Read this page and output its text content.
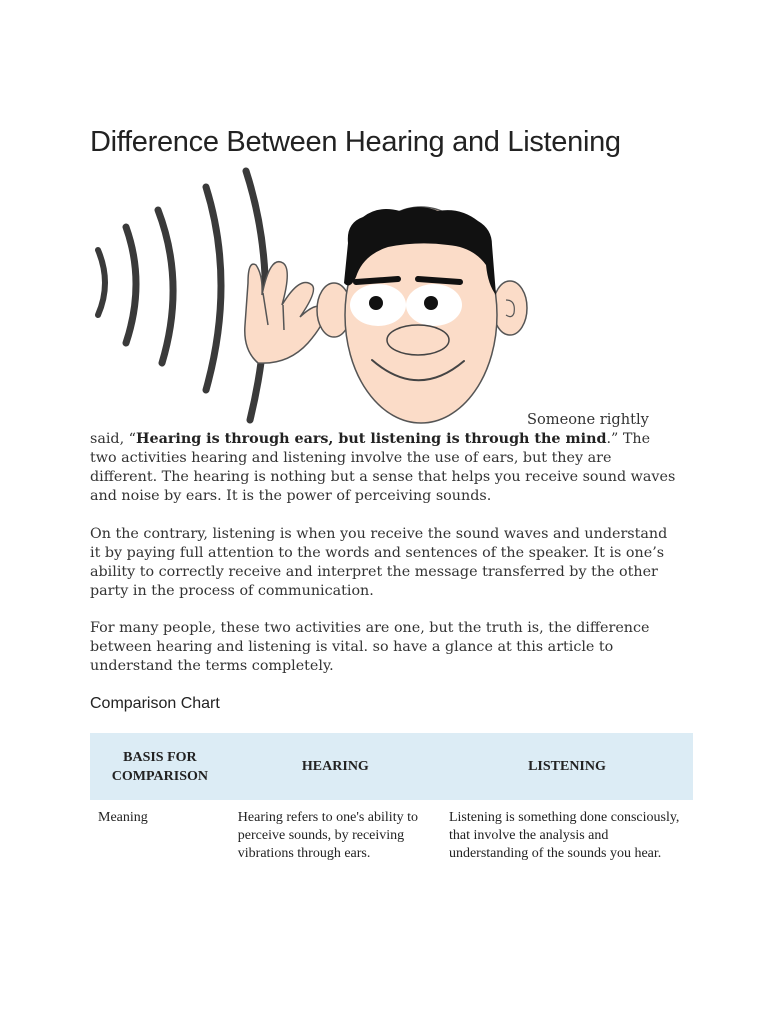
Difference Between Hearing and Listening
Someone rightly

said, “Hearing is through ears, but listening is through the mind.” The two activities hearing and listening involve the use of ears, but they are different. The hearing is nothing but a sense that helps you receive sound waves and noise by ears. It is the power of perceiving sounds.

On the contrary, listening is when you receive the sound waves and understand it by paying full attention to the words and sentences of the speaker. It is one’s ability to correctly receive and interpret the message transferred by the other party in the process of communication.

For many people, these two activities are one, but the truth is, the difference between hearing and listening is vital. so have a glance at this article to understand the terms completely.

Comparison Chart
BASIS FOR COMPARISON	HEARING	LISTENING
Meaning	Hearing refers to one's ability to perceive sounds, by receiving vibrations through ears.	Listening is something done consciously, that involve the analysis and understanding of the sounds you hear.
